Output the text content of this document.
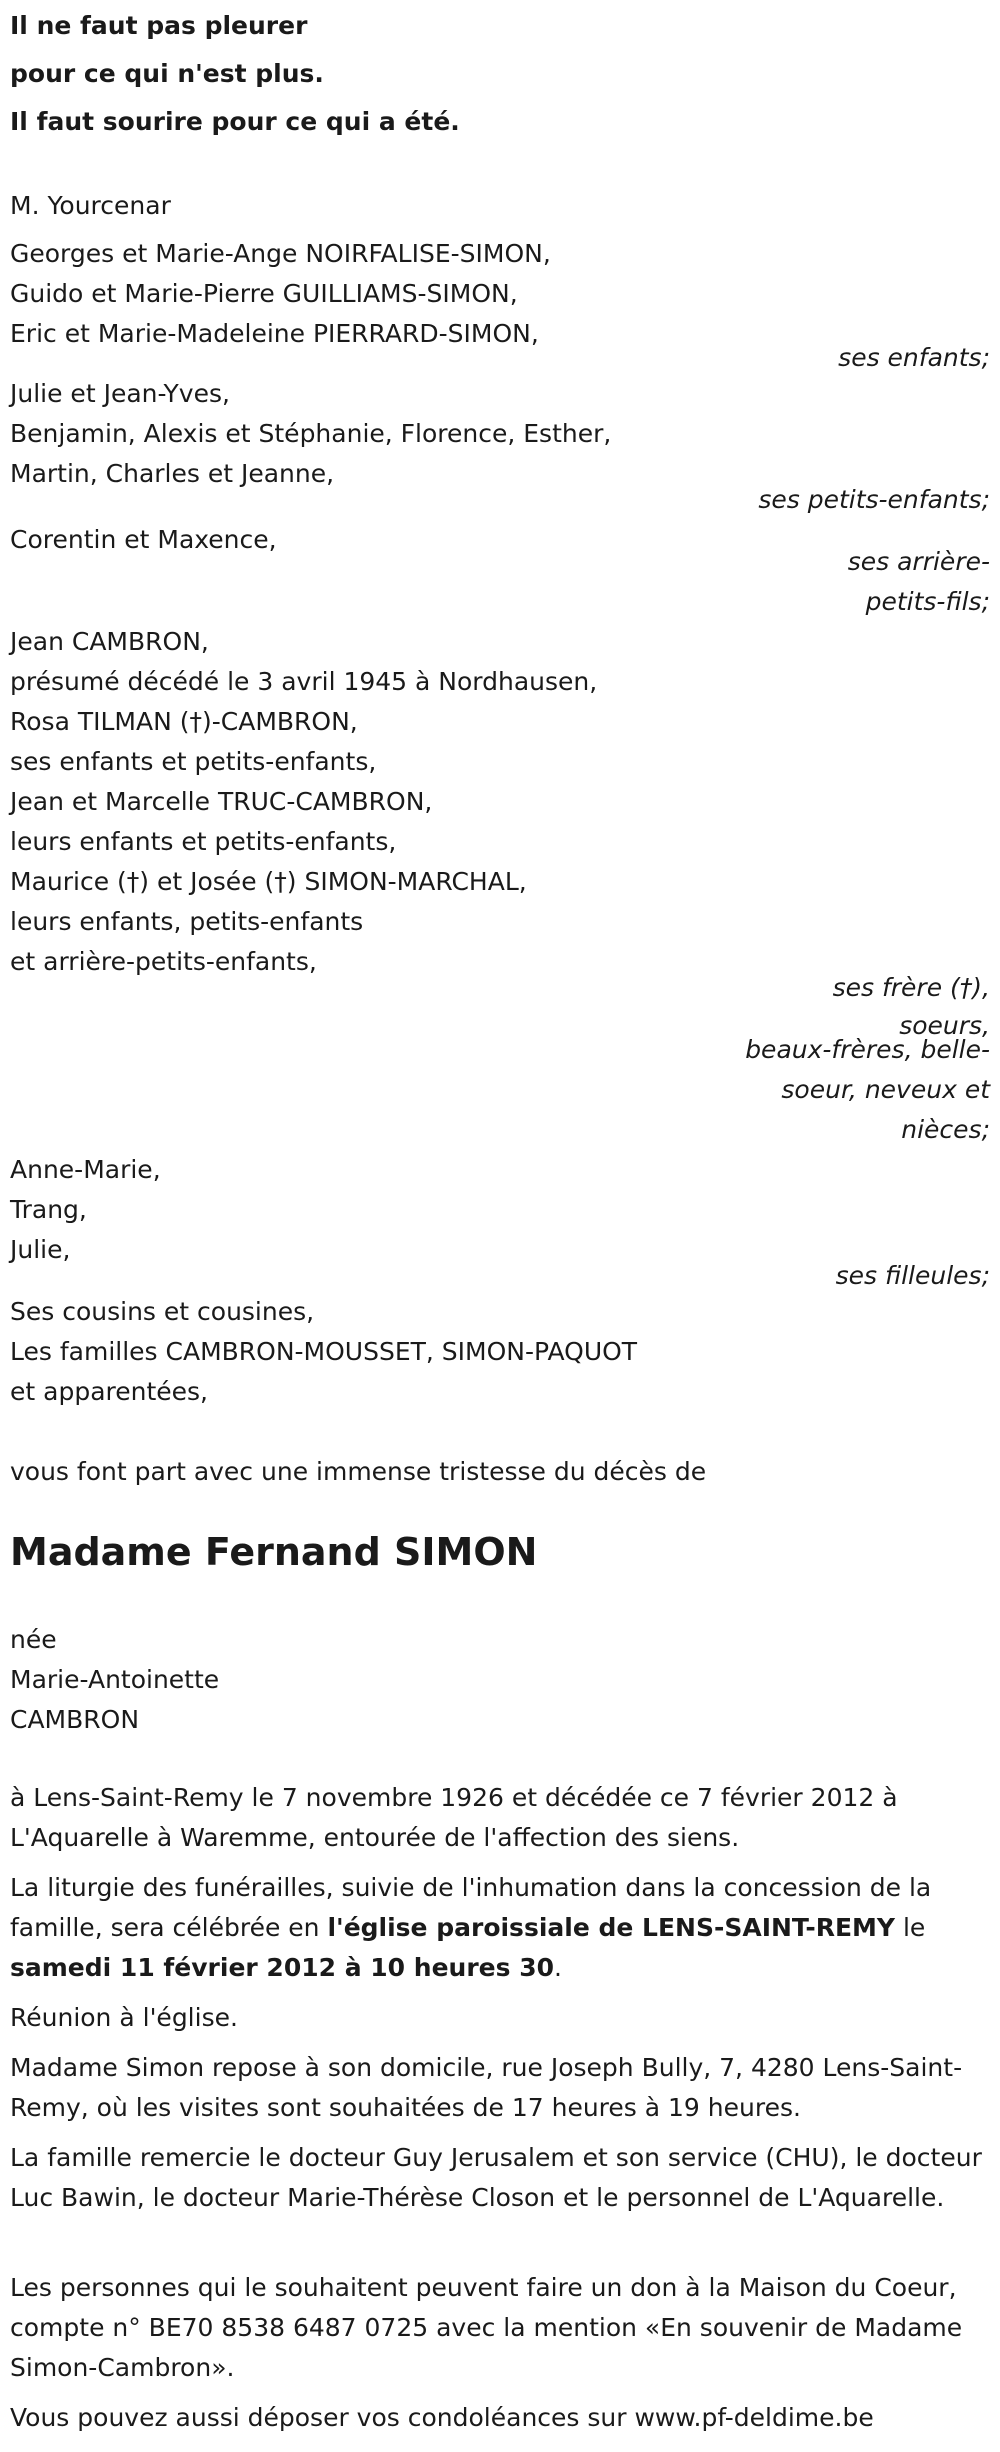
Il ne faut pas pleurer
pour ce qui n'est plus.
Il faut sourire pour ce qui a été.
M. Yourcenar
Georges et Marie-Ange NOIRFALISE-SIMON,
Guido et Marie-Pierre GUILLIAMS-SIMON,
Eric et Marie-Madeleine PIERRARD-SIMON,
ses enfants;
Julie et Jean-Yves,
Benjamin, Alexis et Stéphanie, Florence, Esther,
Martin, Charles et Jeanne,
ses petits-enfants;
Corentin et Maxence,
ses arrière-
petits-fils;
Jean CAMBRON,
présumé décédé le 3 avril 1945 à Nordhausen,
Rosa TILMAN (†)-CAMBRON,
ses enfants et petits-enfants,
Jean et Marcelle TRUC-CAMBRON,
leurs enfants et petits-enfants,
Maurice (†) et Josée (†) SIMON-MARCHAL,
leurs enfants, petits-enfants
et arrière-petits-enfants,
ses frère (†),
soeurs,
beaux-frères, belle-
soeur, neveux et
nièces;
Anne-Marie,
Trang,
Julie,
ses filleules;
Ses cousins et cousines,
Les familles CAMBRON-MOUSSET, SIMON-PAQUOT
et apparentées,
vous font part avec une immense tristesse du décès de
Madame Fernand SIMON
née
Marie-Antoinette
CAMBRON
à Lens-Saint-Remy le 7 novembre 1926 et décédée ce 7 février 2012 à L'Aquarelle à Waremme, entourée de l'affection des siens.
La liturgie des funérailles, suivie de l'inhumation dans la concession de la famille, sera célébrée en l'église paroissiale de LENS-SAINT-REMY le
samedi 11 février 2012 à 10 heures 30.
Réunion à l'église.
Madame Simon repose à son domicile, rue Joseph Bully, 7, 4280 Lens-Saint-Remy, où les visites sont souhaitées de 17 heures à 19 heures.
La famille remercie le docteur Guy Jerusalem et son service (CHU), le docteur Luc Bawin, le docteur Marie-Thérèse Closon et le personnel de L'Aquarelle.
Les personnes qui le souhaitent peuvent faire un don à la Maison du Coeur, compte n° BE70 8538 6487 0725 avec la mention «En souvenir de Madame Simon-Cambron».
Vous pouvez aussi déposer vos condoléances sur www.pf-deldime.be
